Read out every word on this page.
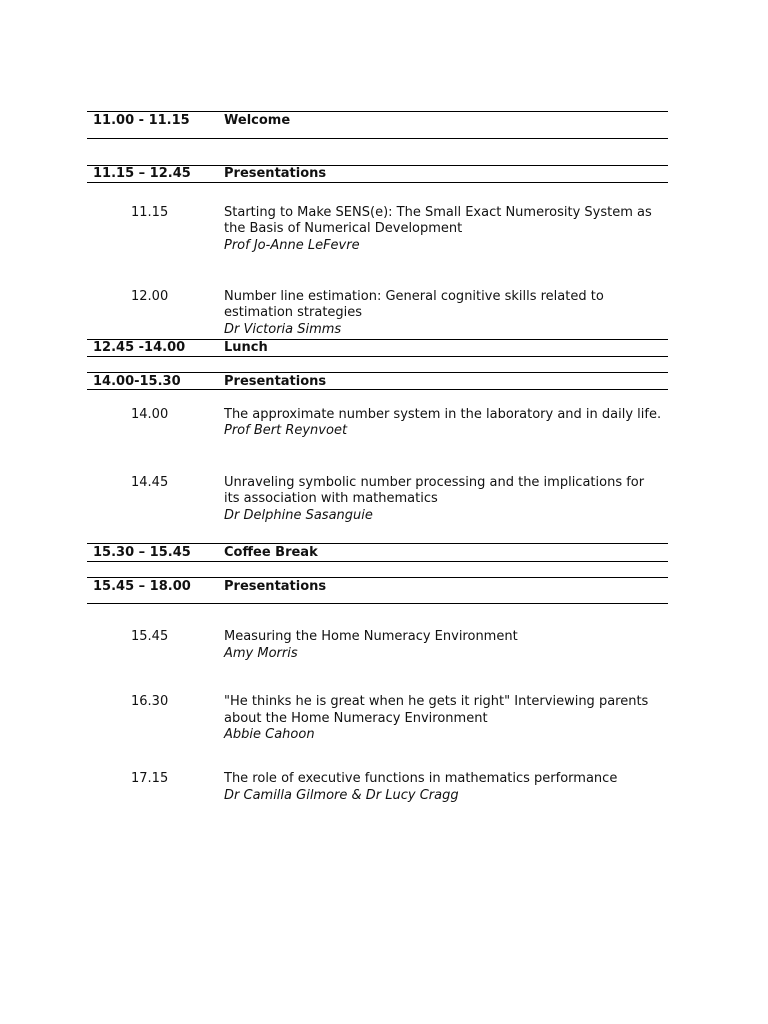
11.00 - 11.15	Welcome
11.15 – 12.45	Presentations
11.15	Starting to Make SENS(e): The Small Exact Numerosity System as
the Basis of Numerical Development
Prof Jo-Anne LeFevre
12.00	Number line estimation: General cognitive skills related to
estimation strategies
Dr Victoria Simms
12.45 -14.00	Lunch
14.00-15.30	Presentations
14.00	The approximate number system in the laboratory and in daily life.
Prof Bert Reynvoet
14.45	Unraveling symbolic number processing and the implications for
its association with mathematics
Dr Delphine Sasanguie
15.30 – 15.45	Coffee Break
15.45 – 18.00	Presentations
15.45	Measuring the Home Numeracy Environment
Amy Morris
16.30	"He thinks he is great when he gets it right" Interviewing parents
about the Home Numeracy Environment
Abbie Cahoon
17.15	The role of executive functions in mathematics performance
Dr Camilla Gilmore & Dr Lucy Cragg
